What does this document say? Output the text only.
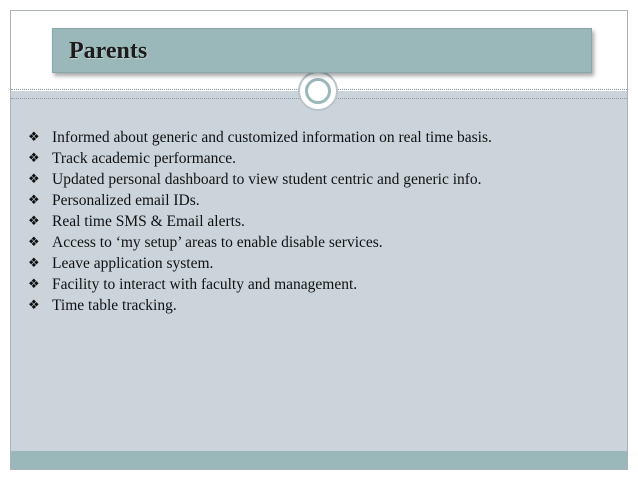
Parents
❖ Informed about generic and customized information on real time basis.
❖ Track academic performance.
❖ Updated personal dashboard to view student centric and generic info.
❖ Personalized email IDs.
❖ Real time SMS & Email alerts.
❖ Access to ‘my setup’ areas to enable disable services.
❖ Leave application system.
❖ Facility to interact with faculty and management.
❖ Time table tracking.
